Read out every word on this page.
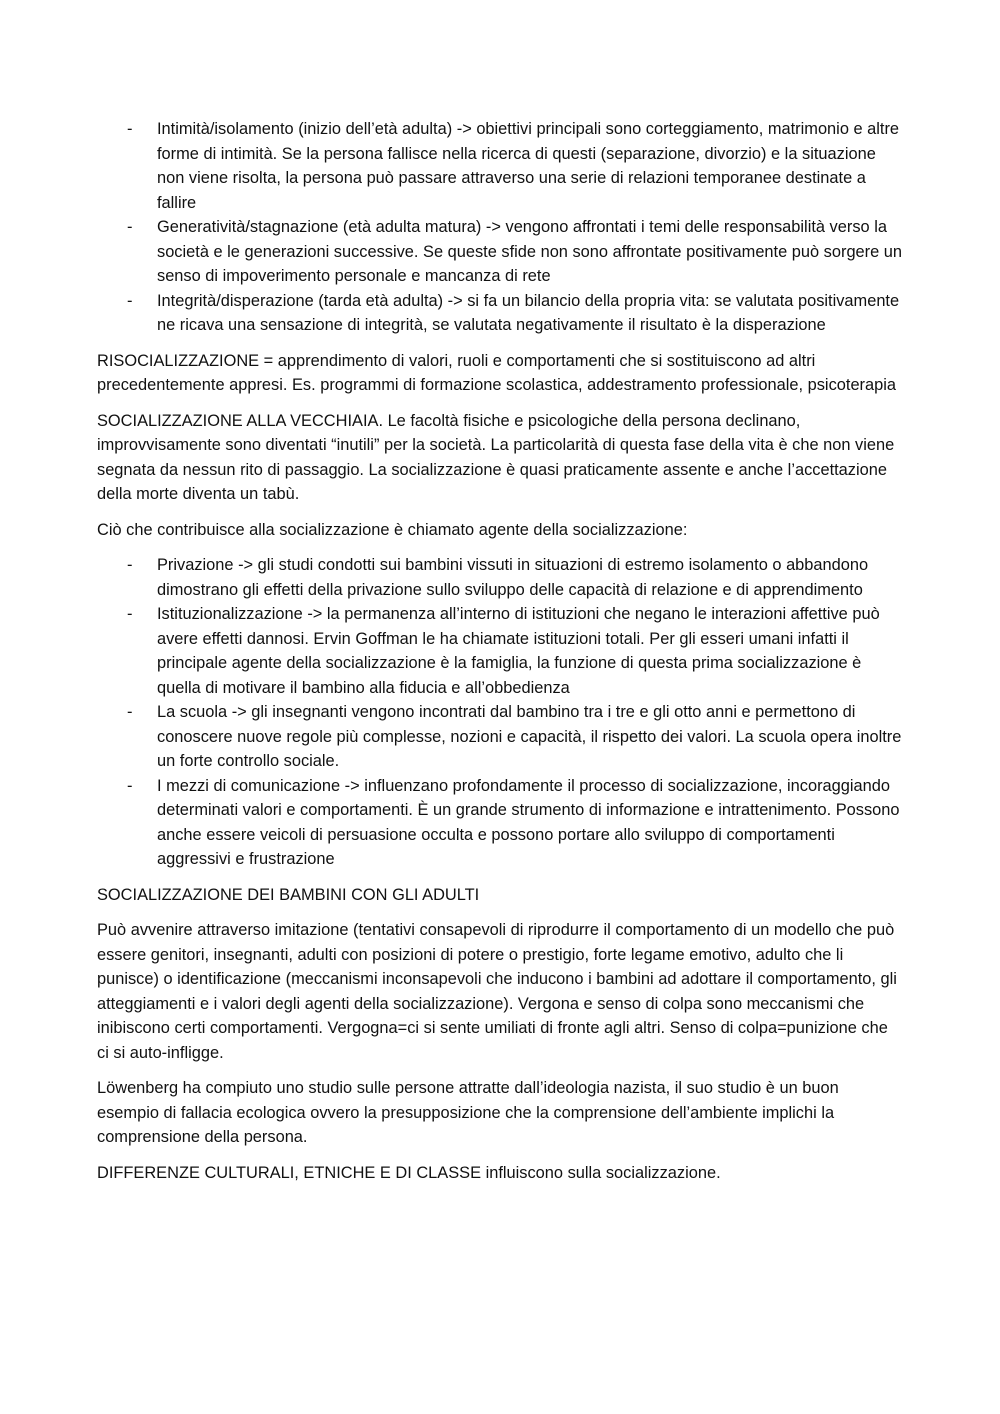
- Intimità/isolamento (inizio dell’età adulta) -> obiettivi principali sono corteggiamento, matrimonio e altre forme di intimità. Se la persona fallisce nella ricerca di questi (separazione, divorzio) e la situazione non viene risolta, la persona può passare attraverso una serie di relazioni temporanee destinate a fallire
- Generatività/stagnazione (età adulta matura) -> vengono affrontati i temi delle responsabilità verso la società e le generazioni successive. Se queste sfide non sono affrontate positivamente può sorgere un senso di impoverimento personale e mancanza di rete
- Integrità/disperazione (tarda età adulta) -> si fa un bilancio della propria vita: se valutata positivamente ne ricava una sensazione di integrità, se valutata negativamente il risultato è la disperazione

RISOCIALIZZAZIONE = apprendimento di valori, ruoli e comportamenti che si sostituiscono ad altri precedentemente appresi. Es. programmi di formazione scolastica, addestramento professionale, psicoterapia

SOCIALIZZAZIONE ALLA VECCHIAIA. Le facoltà fisiche e psicologiche della persona declinano, improvvisamente sono diventati “inutili” per la società. La particolarità di questa fase della vita è che non viene segnata da nessun rito di passaggio. La socializzazione è quasi praticamente assente e anche l’accettazione della morte diventa un tabù.

Ciò che contribuisce alla socializzazione è chiamato agente della socializzazione:

- Privazione -> gli studi condotti sui bambini vissuti in situazioni di estremo isolamento o abbandono dimostrano gli effetti della privazione sullo sviluppo delle capacità di relazione e di apprendimento
- Istituzionalizzazione -> la permanenza all’interno di istituzioni che negano le interazioni affettive può avere effetti dannosi. Ervin Goffman le ha chiamate istituzioni totali. Per gli esseri umani infatti il principale agente della socializzazione è la famiglia, la funzione di questa prima socializzazione è quella di motivare il bambino alla fiducia e all’obbedienza
- La scuola -> gli insegnanti vengono incontrati dal bambino tra i tre e gli otto anni e permettono di conoscere nuove regole più complesse, nozioni e capacità, il rispetto dei valori. La scuola opera inoltre un forte controllo sociale.
- I mezzi di comunicazione -> influenzano profondamente il processo di socializzazione, incoraggiando determinati valori e comportamenti. È un grande strumento di informazione e intrattenimento. Possono anche essere veicoli di persuasione occulta e possono portare allo sviluppo di comportamenti aggressivi e frustrazione

SOCIALIZZAZIONE DEI BAMBINI CON GLI ADULTI

Può avvenire attraverso imitazione (tentativi consapevoli di riprodurre il comportamento di un modello che può essere genitori, insegnanti, adulti con posizioni di potere o prestigio, forte legame emotivo, adulto che li punisce) o identificazione (meccanismi inconsapevoli che inducono i bambini ad adottare il comportamento, gli atteggiamenti e i valori degli agenti della socializzazione). Vergona e senso di colpa sono meccanismi che inibiscono certi comportamenti. Vergogna=ci si sente umiliati di fronte agli altri. Senso di colpa=punizione che ci si auto-infligge.

Löwenberg ha compiuto uno studio sulle persone attratte dall’ideologia nazista, il suo studio è un buon esempio di fallacia ecologica ovvero la presupposizione che la comprensione dell’ambiente implichi la comprensione della persona.

DIFFERENZE CULTURALI, ETNICHE E DI CLASSE influiscono sulla socializzazione.
